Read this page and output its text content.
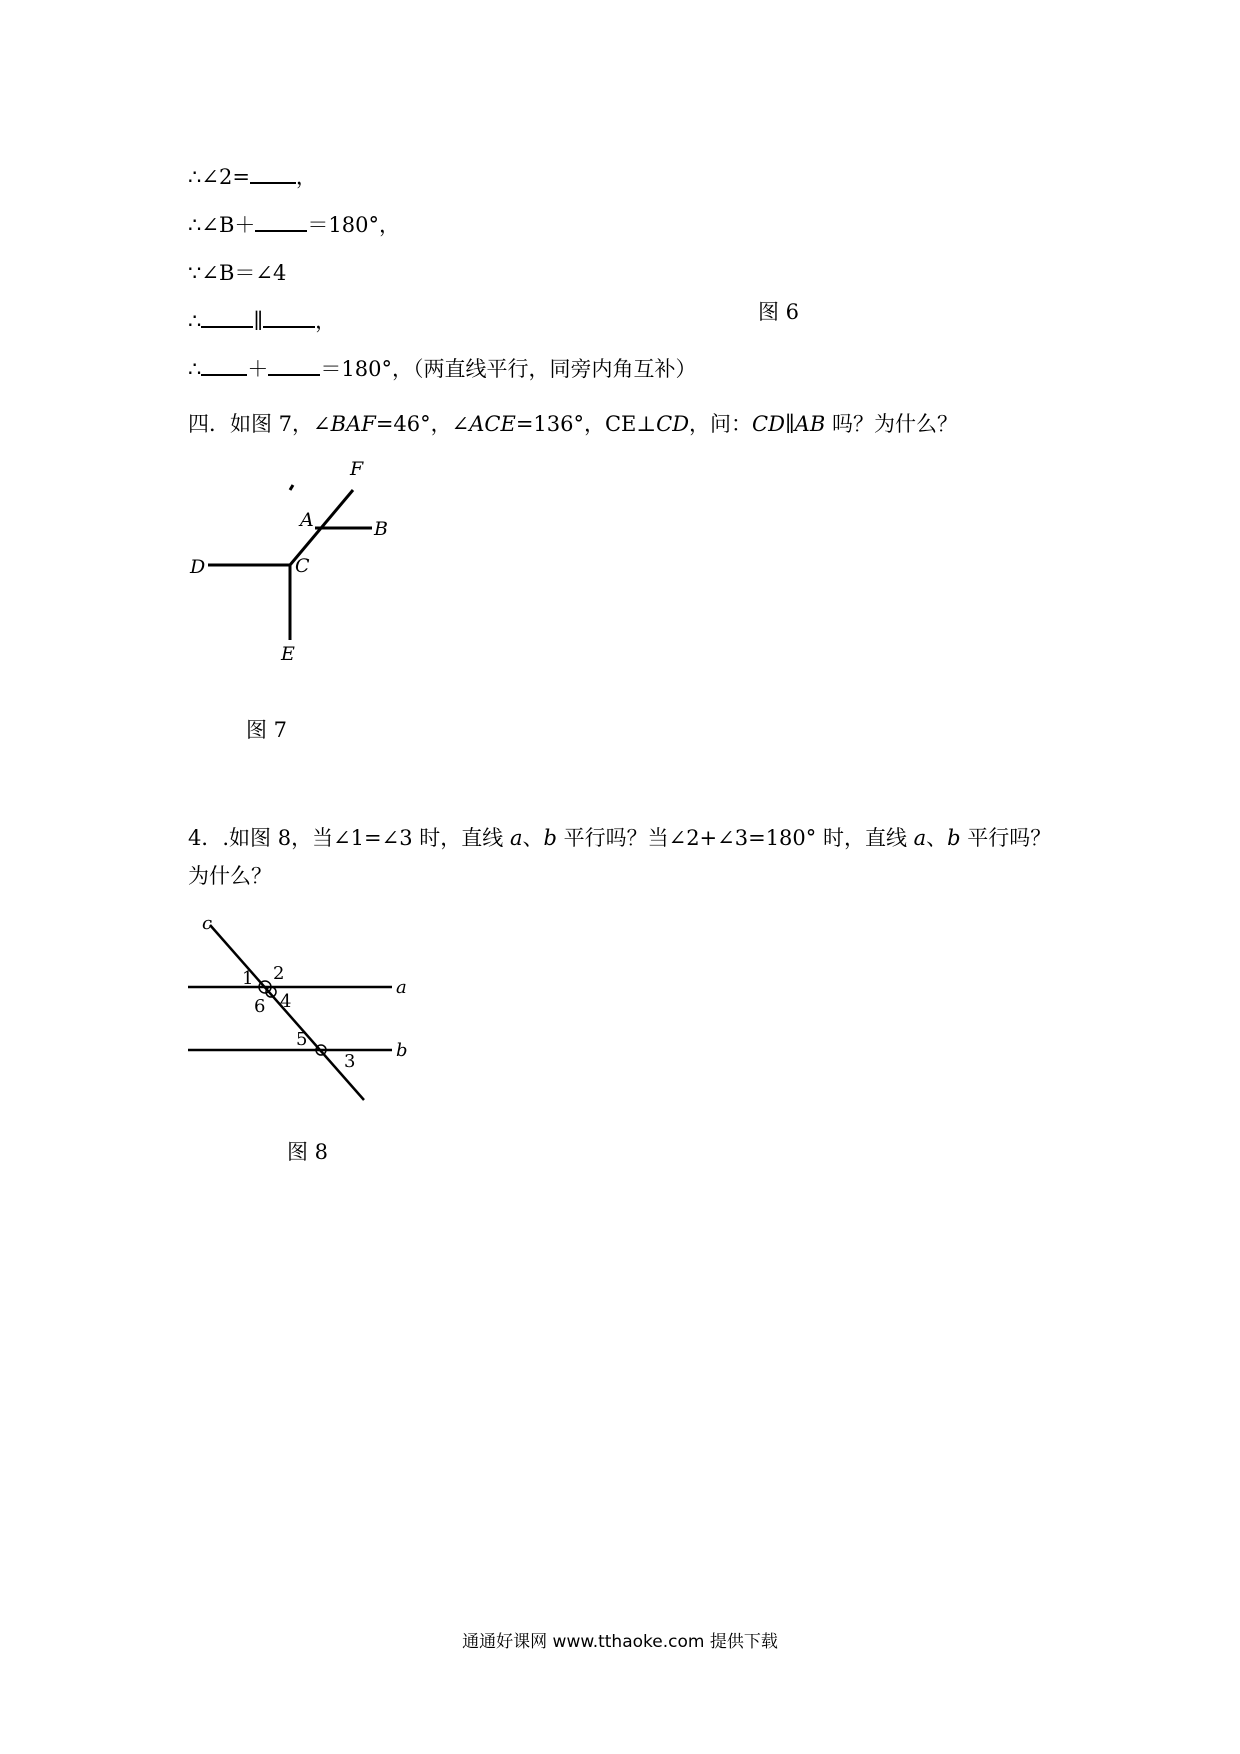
∴∠2= ，
∴∠B＋ ＝180°，
∵∠B＝∠4
∴ ∥ ，
∴ ＋ ＝180°，（两直线平行，同旁内角互补）
图 6
四．如图 7，∠BAF=46°，∠ACE=136°，CE⊥CD，问：CD∥AB 吗？为什么？
F
A	B
D	C
E
图 7
4．.如图 8，当∠1=∠3 时，直线 a、b 平行吗？当∠2+∠3=180° 时，直线 a、b 平行吗？
为什么？
c
a
b
1 2
6 4
5
3
图 8
通通好课网 www.tthaoke.com 提供下载
